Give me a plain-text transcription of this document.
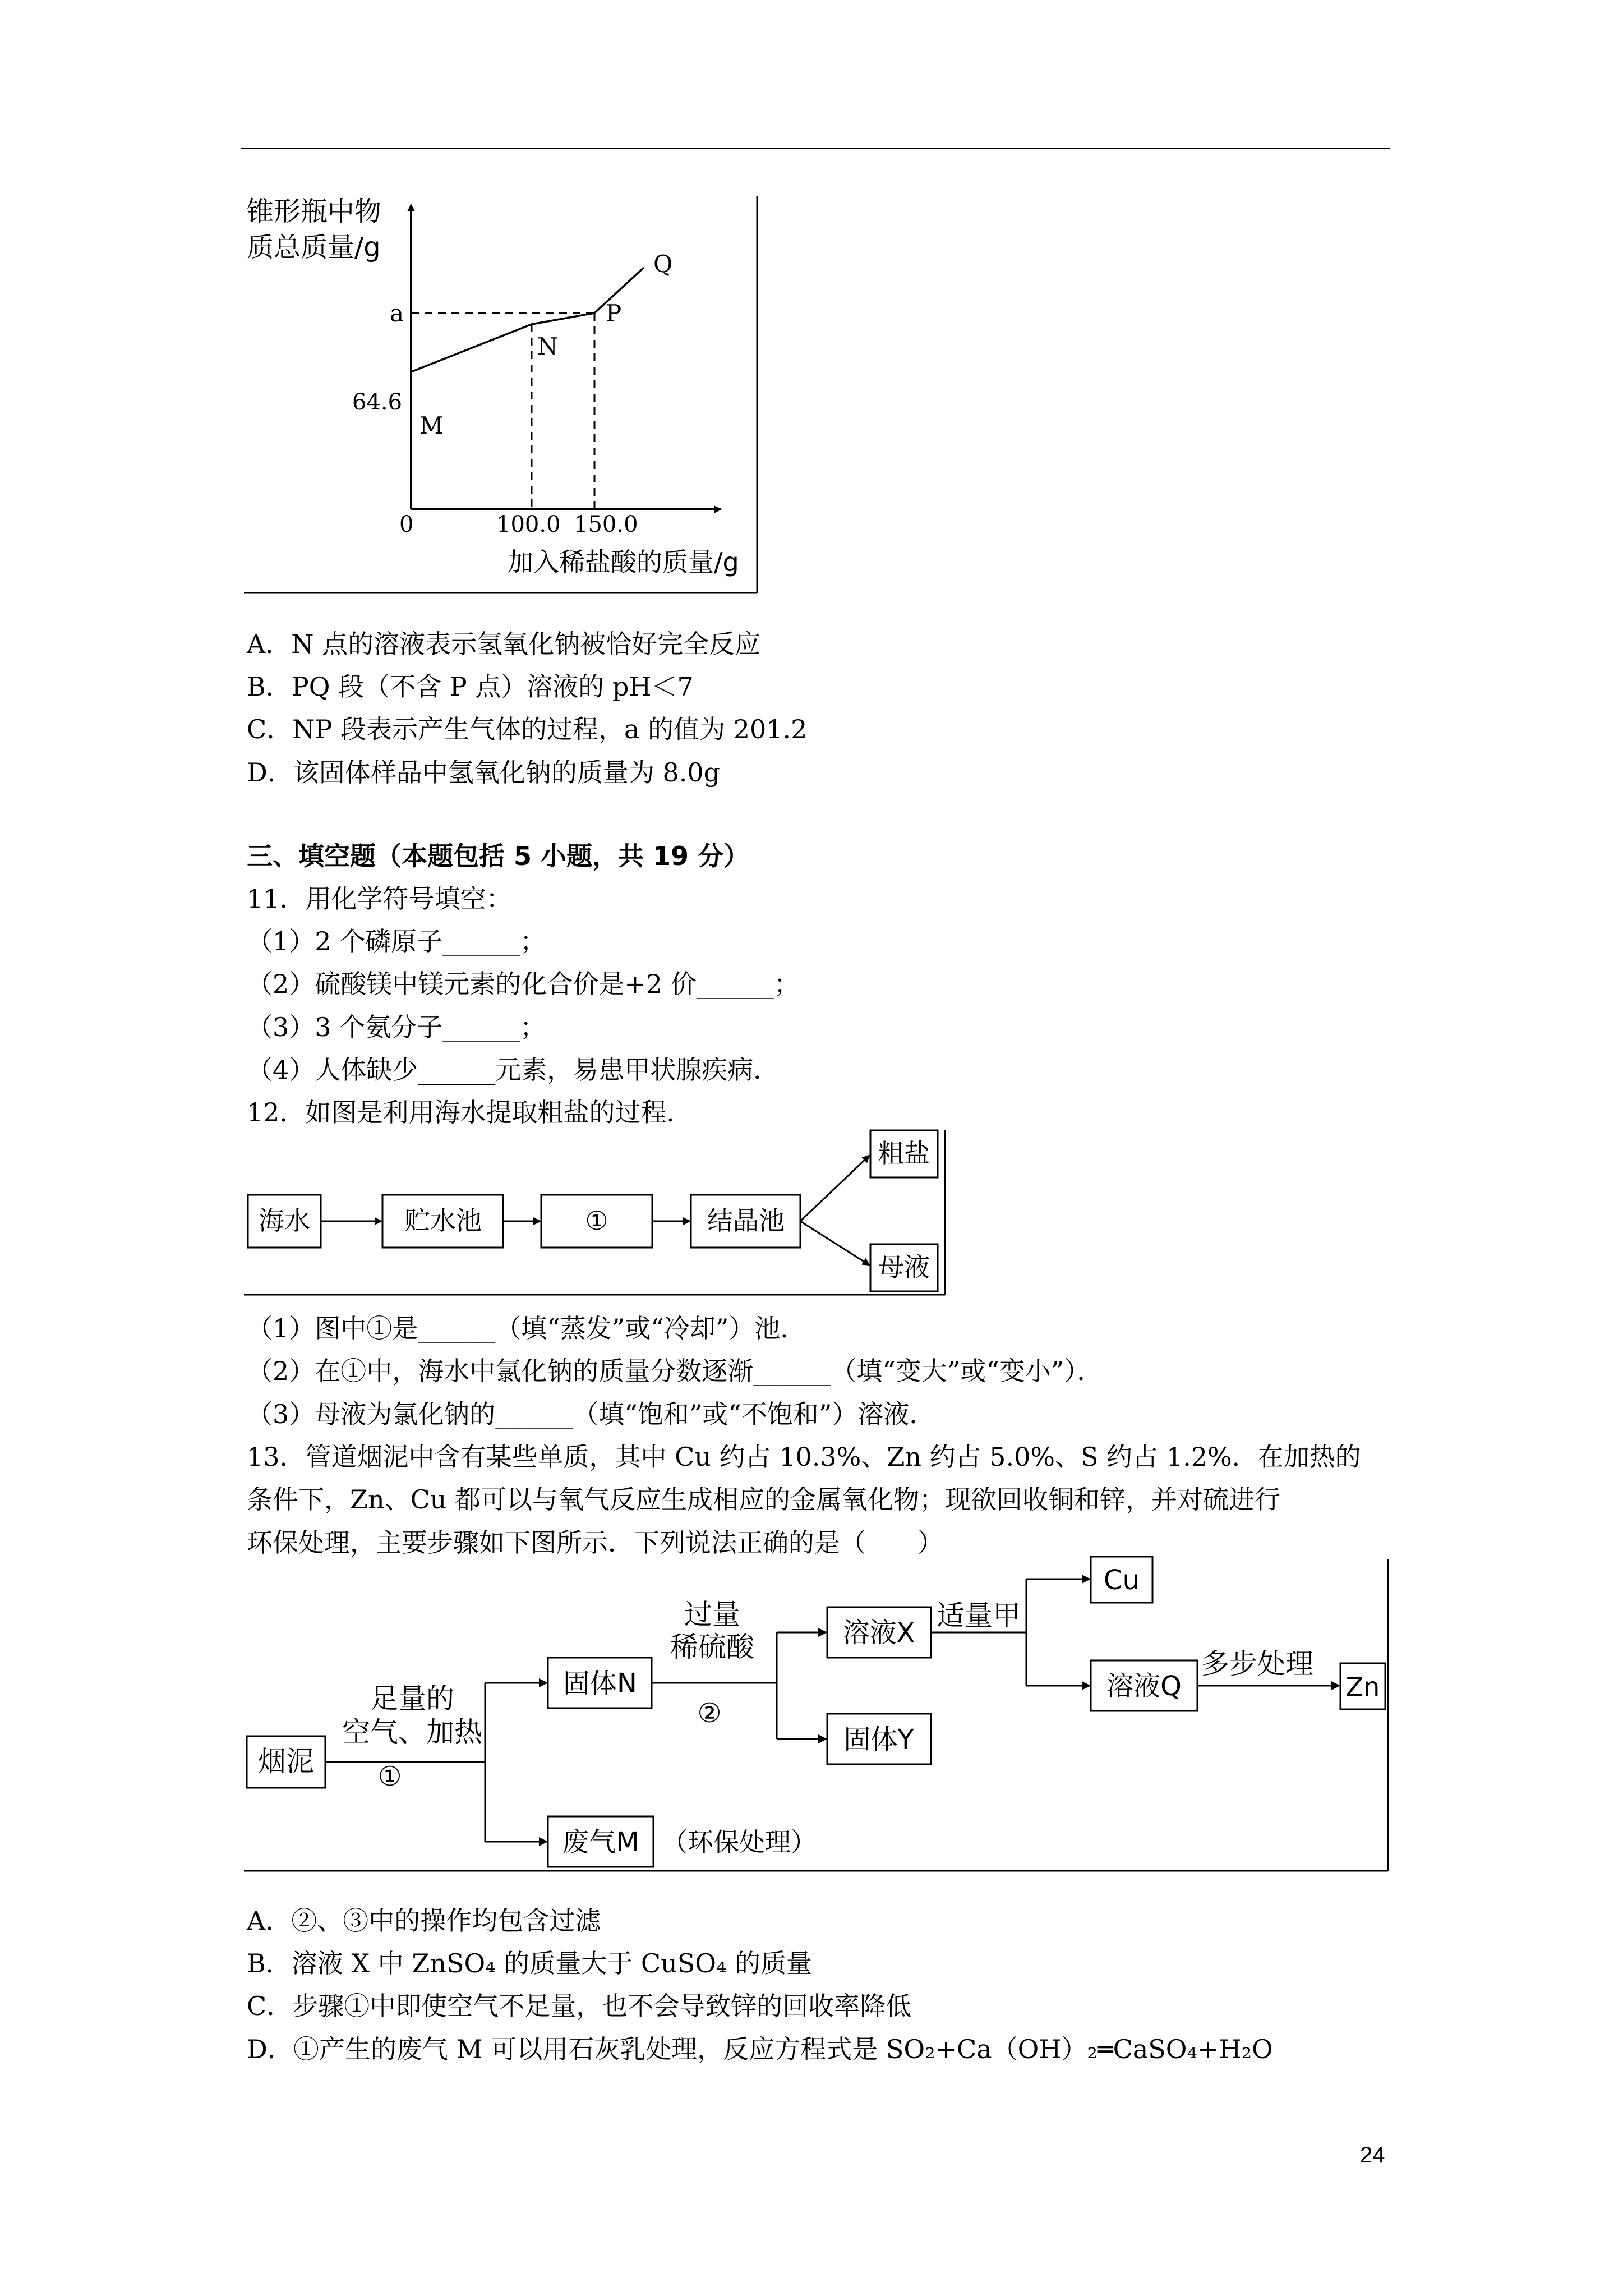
锥形瓶中物
质总质量/g
a
64.6
M
N
P
Q
0	100.0 150.0
加入稀盐酸的质量/g
A．N 点的溶液表示氢氧化钠被恰好完全反应
B．PQ 段（不含 P 点）溶液的 pH＜7
C．NP 段表示产生气体的过程，a 的值为 201.2
D．该固体样品中氢氧化钠的质量为 8.0g
三、填空题（本题包括 5 小题，共 19 分）
11．用化学符号填空：
（1）2 个磷原子______；
（2）硫酸镁中镁元素的化合价是+2 价______；
（3）3 个氨分子______；
（4）人体缺少______元素，易患甲状腺疾病．
12．如图是利用海水提取粗盐的过程．
海水	贮水池	①	结晶池
粗盐
母液
（1）图中①是______（填“蒸发”或“冷却”）池．
（2）在①中，海水中氯化钠的质量分数逐渐______（填“变大”或“变小”）．
（3）母液为氯化钠的______（填“饱和”或“不饱和”）溶液．
13．管道烟泥中含有某些单质，其中 Cu 约占 10.3%、Zn 约占 5.0%、S 约占 1.2%．在加热的
条件下，Zn、Cu 都可以与氧气反应生成相应的金属氧化物；现欲回收铜和锌，并对硫进行
环保处理，主要步骤如下图所示．下列说法正确的是（　　）
烟泥
足量的
空气、加热
①
固体N
废气M （环保处理）
过量
稀硫酸
②
溶液X
固体Y
适量甲
Cu
溶液Q
多步处理
Zn
A．②、③中的操作均包含过滤
B．溶液 X 中 ZnSO₄ 的质量大于 CuSO₄ 的质量
C．步骤①中即使空气不足量，也不会导致锌的回收率降低
D．①产生的废气 M 可以用石灰乳处理，反应方程式是 SO₂+Ca（OH）₂═CaSO₄+H₂O
24
